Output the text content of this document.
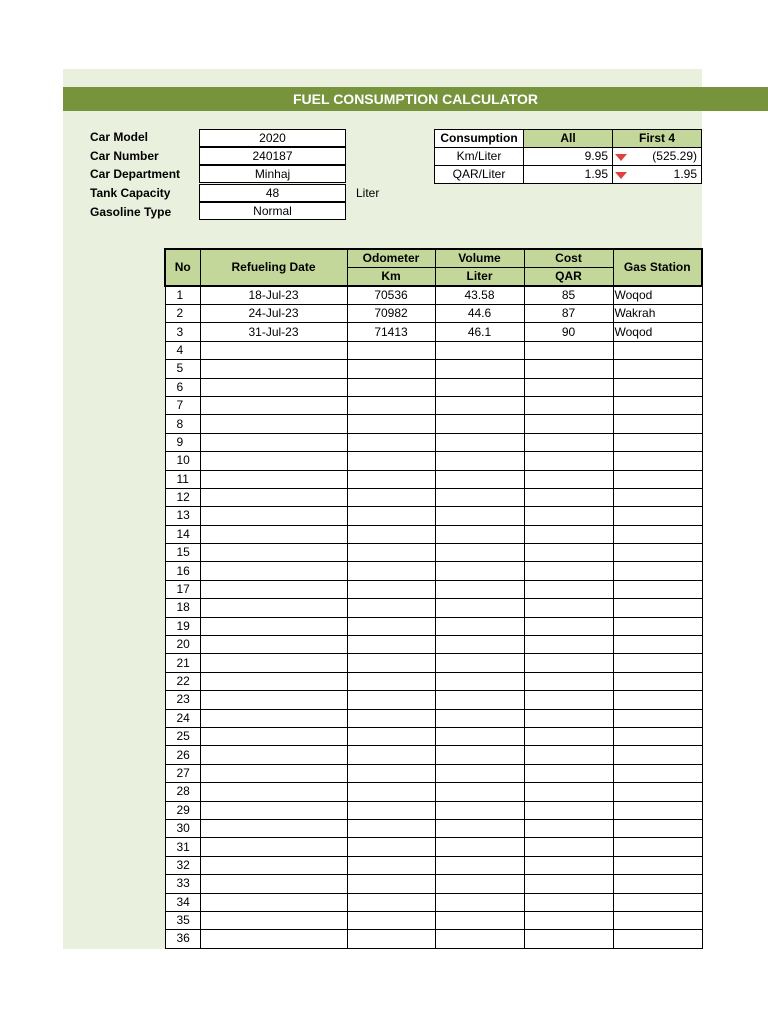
FUEL CONSUMPTION CALCULATOR
Car Model	2020
Car Number	240187
Car Department	Minhaj
Tank Capacity	48	Liter
Gasoline Type	Normal
Consumption	All	First 4
Km/Liter	9.95	(525.29)
QAR/Liter	1.95	1.95
No	Refueling Date	Odometer	Volume	Cost	Gas Station
		Km	Liter	QAR	
1	18-Jul-23	70536	43.58	85	Woqod
2	24-Jul-23	70982	44.6	87	Wakrah
3	31-Jul-23	71413	46.1	90	Woqod
4					
5					
6					
7					
8					
9					
10					
11					
12					
13					
14					
15					
16					
17					
18					
19					
20					
21					
22					
23					
24					
25					
26					
27					
28					
29					
30					
31					
32					
33					
34					
35					
36					
